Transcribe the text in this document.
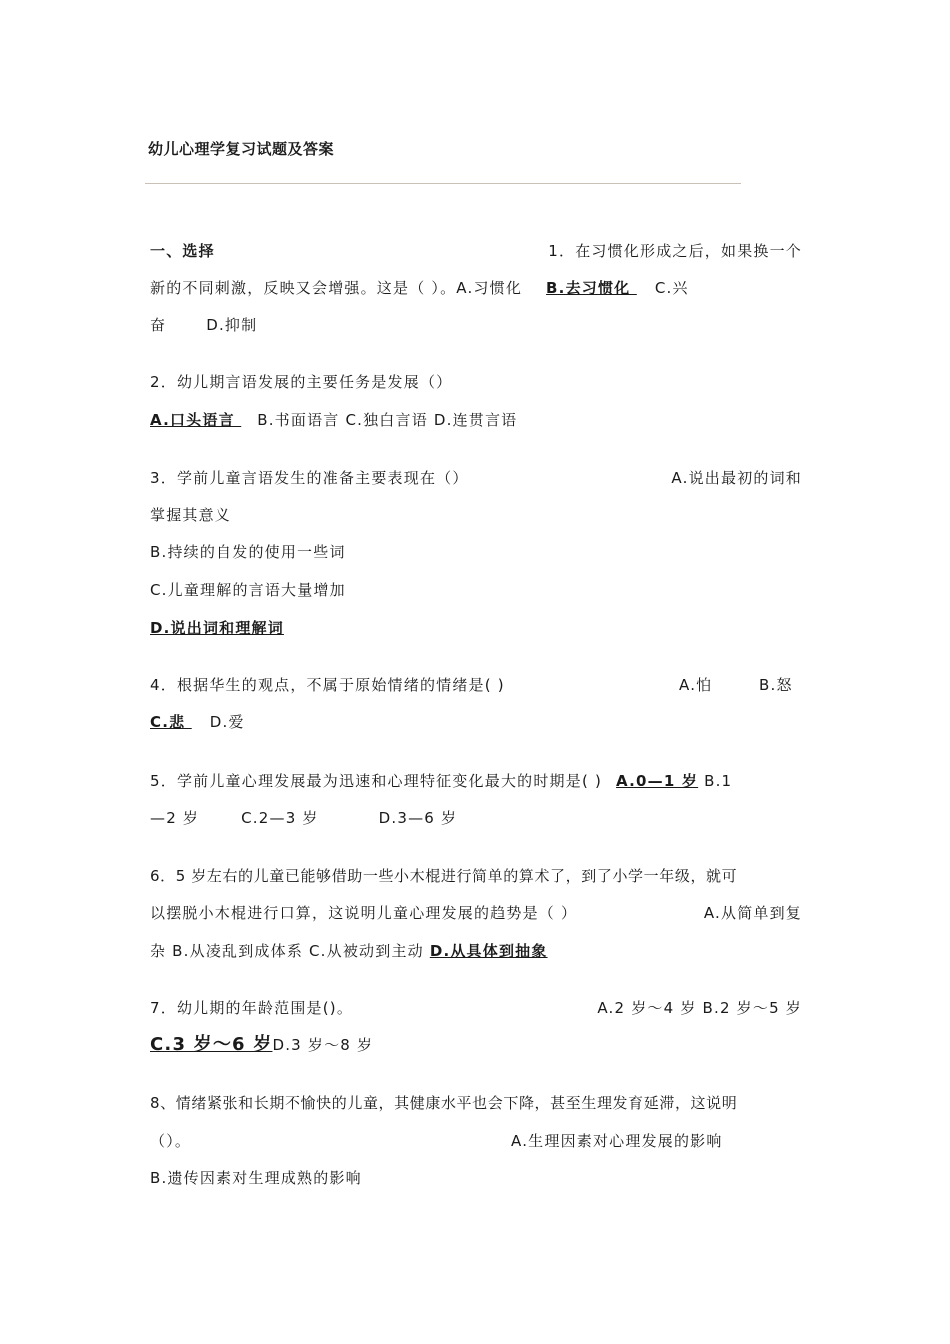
幼儿心理学复习试题及答案
一、选择	1．在习惯化形成之后，如果换一个
新的不同刺激，反映又会增强。这是（ ）。A.习惯化 B.去习惯化 C.兴
奋	D.抑制
2．幼儿期言语发展的主要任务是发展（）
A.口头语言 B.书面语言 C.独白言语 D.连贯言语
3．学前儿童言语发生的准备主要表现在（）	A.说出最初的词和
掌握其意义
B.持续的自发的使用一些词
C.儿童理解的言语大量增加
D.说出词和理解词
4．根据华生的观点，不属于原始情绪的情绪是( )	A.怕	B.怒
C.悲 D.爱
5．学前儿童心理发展最为迅速和心理特征变化最大的时期是( ) A.0—1 岁 B.1
—2 岁	C.2—3 岁	D.3—6 岁
6．5 岁左右的儿童已能够借助一些小木棍进行简单的算术了，到了小学一年级，就可
以摆脱小木棍进行口算，这说明儿童心理发展的趋势是（ ）	A.从简单到复
杂 B.从凌乱到成体系 C.从被动到主动 D.从具体到抽象
7．幼儿期的年龄范围是()。	A.2 岁～4 岁 B.2 岁～5 岁
C.3 岁～6 岁D.3 岁～8 岁
8、情绪紧张和长期不愉快的儿童，其健康水平也会下降，甚至生理发育延滞，这说明
（）。	A.生理因素对心理发展的影响
B.遗传因素对生理成熟的影响
